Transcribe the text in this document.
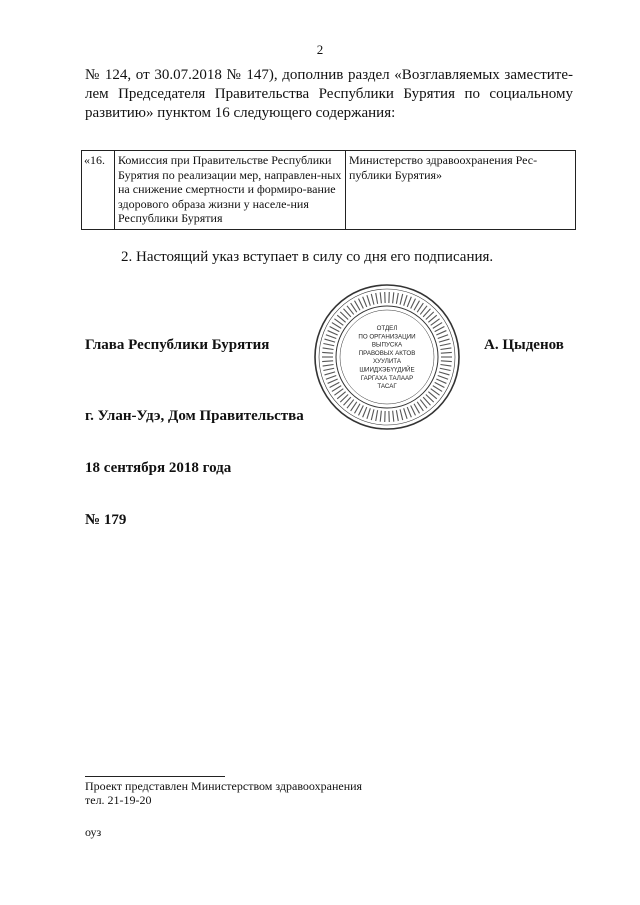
2

№ 124, от 30.07.2018 № 147), дополнив раздел «Возглавляемых заместите-лем Председателя Правительства Республики Бурятия по социальному развитию» пунктом 16 следующего содержания:

«16.	Комиссия при Правительстве Республики Бурятия по реализации мер, направлен-ных на снижение смертности и формиро-вание здорового образа жизни у населе-ния Республики Бурятия	Министерство здравоохранения Рес-публики Бурятия»

2. Настоящий указ вступает в силу со дня его подписания.

Глава Республики Бурятия
ОТДЕЛ
ПО ОРГАНИЗАЦИИ
ВЫПУСКА
ПРАВОВЫХ АКТОВ
ХУУЛИТА
ШИИДХЭБҮҮДИЙЕ
ГАРГАХА ТАЛААР
ТАСАГ
А. Цыденов
г. Улан-Удэ, Дом Правительства
18 сентября 2018 года
№ 179
Проект представлен Министерством здравоохранения
тел. 21-19-20
оуз
